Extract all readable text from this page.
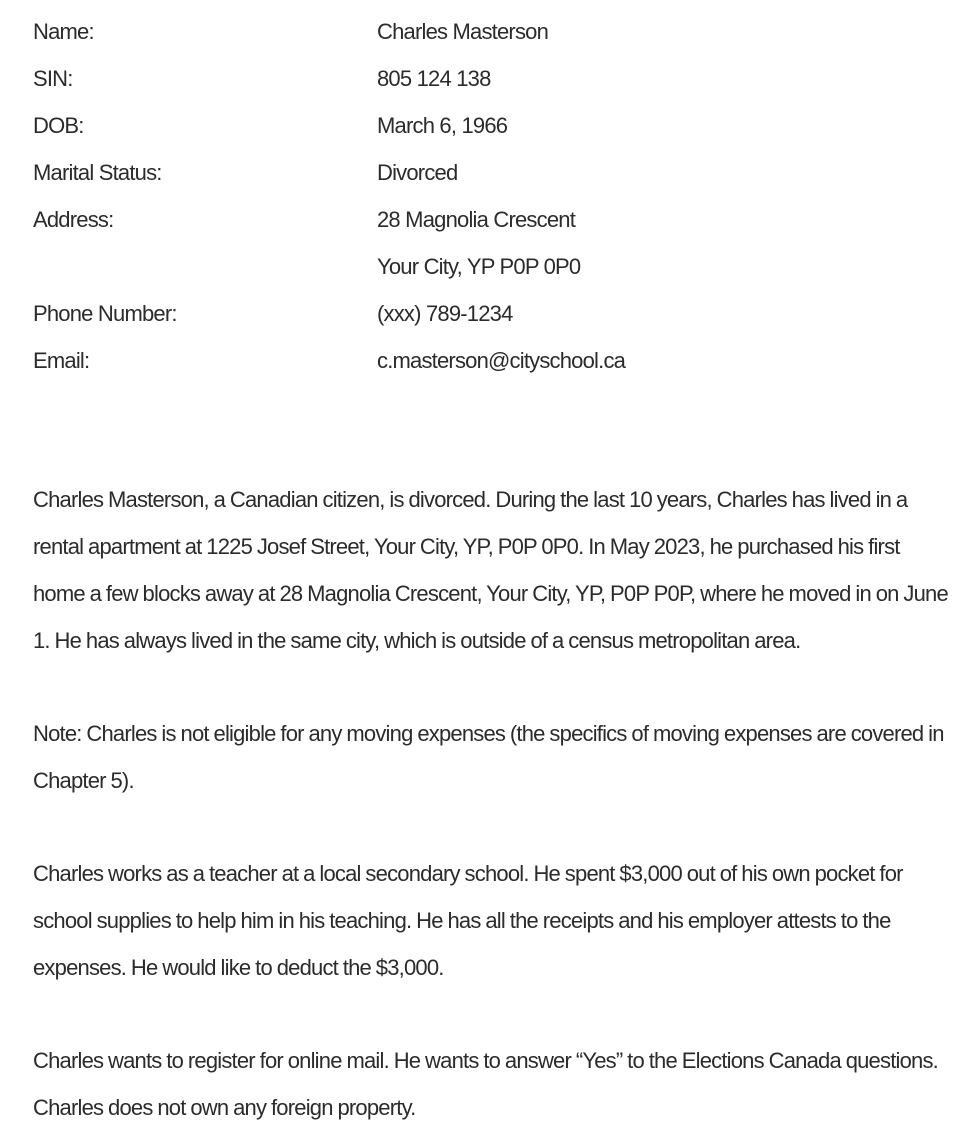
Name:	Charles Masterson
SIN:	805 124 138
DOB:	March 6, 1966
Marital Status:	Divorced
Address:	28 Magnolia Crescent
Your City, YP P0P 0P0
Phone Number:	(xxx) 789-1234
Email:	c.masterson@cityschool.ca

Charles Masterson, a Canadian citizen, is divorced. During the last 10 years, Charles has lived in a rental apartment at 1225 Josef Street, Your City, YP, P0P 0P0. In May 2023, he purchased his first home a few blocks away at 28 Magnolia Crescent, Your City, YP, P0P P0P, where he moved in on June 1. He has always lived in the same city, which is outside of a census metropolitan area.

Note: Charles is not eligible for any moving expenses (the specifics of moving expenses are covered in Chapter 5).

Charles works as a teacher at a local secondary school. He spent $3,000 out of his own pocket for school supplies to help him in his teaching. He has all the receipts and his employer attests to the expenses. He would like to deduct the $3,000.

Charles wants to register for online mail. He wants to answer “Yes” to the Elections Canada questions. Charles does not own any foreign property.
